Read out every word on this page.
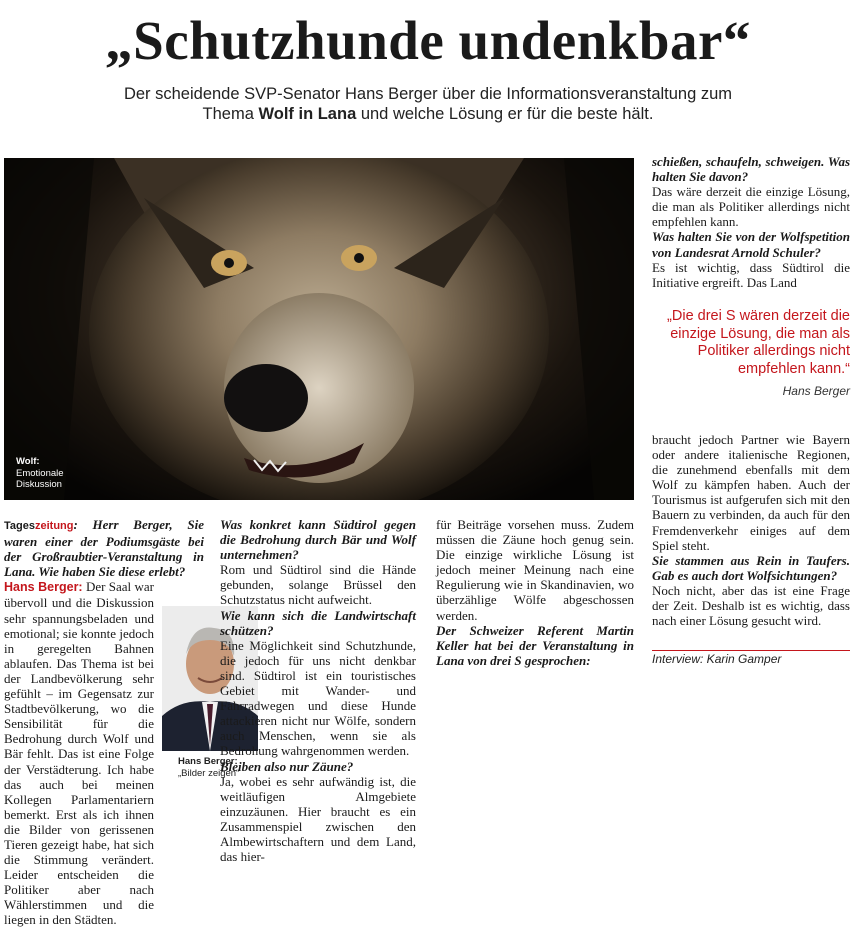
„Schutzhunde undenkbar“
Der scheidende SVP-Senator Hans Berger über die Informationsveranstaltung zum
Thema Wolf in Lana und welche Lösung er für die beste hält.
Wolf:
Emotionale
Diskussion

Tageszeitung: Herr Berger, Sie waren einer der Podiumsgäste bei der Großraubtier-Veranstaltung in Lana. Wie haben Sie diese erlebt?

Hans Berger: Der Saal war übervoll und die Diskussion sehr spannungsbeladen und emotional; sie konnte jedoch in geregelten Bahnen ablaufen. Das Thema ist bei der Landbevölkerung sehr gefühlt – im Gegensatz zur Stadtbevölkerung, wo die Sensibilität für die Bedrohung durch Wolf und Bär fehlt. Das ist eine Folge der Verstädterung. Ich habe das auch bei meinen Kollegen Parlamentariern bemerkt. Erst als ich ihnen die Bilder von gerissenen Tieren gezeigt habe, hat sich die Stimmung verändert. Leider entscheiden die Politiker aber nach Wählerstimmen und die liegen in den Städten.

Hans Berger:
„Bilder zeigen“

Was konkret kann Südtirol gegen die Bedrohung durch Bär und Wolf unternehmen?

Rom und Südtirol sind die Hände gebunden, solange Brüssel den Schutzstatus nicht aufweicht.

Wie kann sich die Landwirtschaft schützen?

Eine Möglichkeit sind Schutzhunde, die jedoch für uns nicht denkbar sind. Südtirol ist ein touristisches Gebiet mit Wander- und Fahrradwegen und diese Hunde attackieren nicht nur Wölfe, sondern auch Menschen, wenn sie als Bedrohung wahrgenommen werden.

Bleiben also nur Zäune?

Ja, wobei es sehr aufwändig ist, die weitläufigen Almgebiete einzuzäunen. Hier braucht es ein Zusammenspiel zwischen den Almbewirtschaftern und dem Land, das hier-

für Beiträge vorsehen muss. Zudem müssen die Zäune hoch genug sein. Die einzige wirkliche Lösung ist jedoch meiner Meinung nach eine Regulierung wie in Skandinavien, wo überzählige Wölfe abgeschossen werden.

Der Schweizer Referent Martin Keller hat bei der Veranstaltung in Lana von drei S gesprochen:

schießen, schaufeln, schweigen. Was halten Sie davon?

Das wäre derzeit die einzige Lösung, die man als Politiker allerdings nicht empfehlen kann.

Was halten Sie von der Wolfspetition von Landesrat Arnold Schuler?

Es ist wichtig, dass Südtirol die Initiative ergreift. Das Land

„Die drei S wären derzeit die einzige Lösung, die man als Politiker allerdings nicht empfehlen kann.“
Hans Berger

braucht jedoch Partner wie Bayern oder andere italienische Regionen, die zunehmend ebenfalls mit dem Wolf zu kämpfen haben. Auch der Tourismus ist aufgerufen sich mit den Bauern zu verbinden, da auch für den Fremdenverkehr einiges auf dem Spiel steht.

Sie stammen aus Rein in Taufers. Gab es auch dort Wolfsichtungen?

Noch nicht, aber das ist eine Frage der Zeit. Deshalb ist es wichtig, dass nach einer Lösung gesucht wird.

Interview: Karin Gamper
